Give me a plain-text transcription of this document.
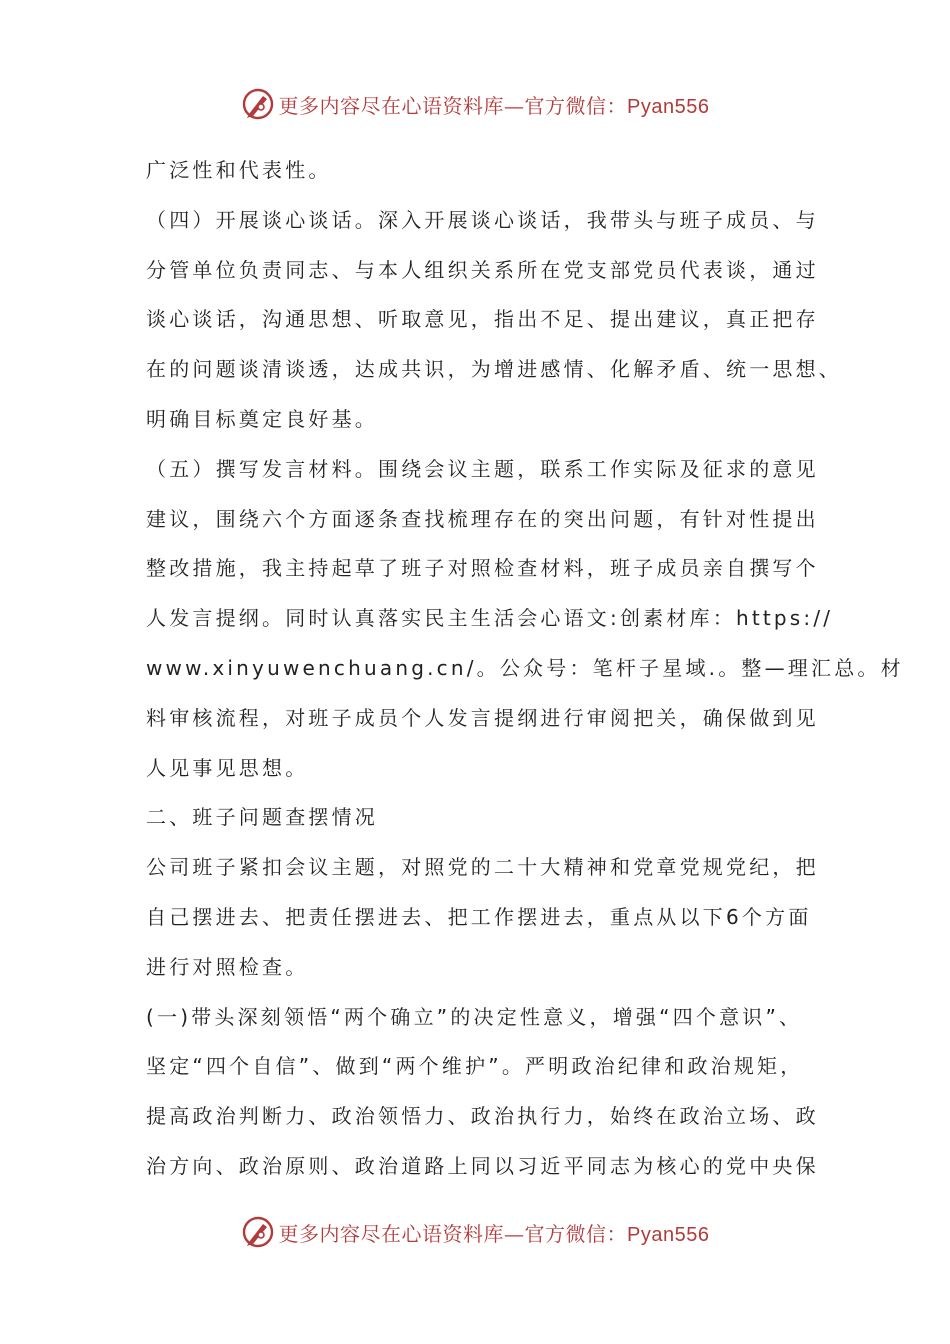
更多内容尽在心语资料库—官方微信：Pyan556
广泛性和代表性。
（四）开展谈心谈话。深入开展谈心谈话，我带头与班子成员、与
分管单位负责同志、与本人组织关系所在党支部党员代表谈，通过
谈心谈话，沟通思想、听取意见，指出不足、提出建议，真正把存
在的问题谈清谈透，达成共识，为增进感情、化解矛盾、统一思想、
明确目标奠定良好基。
（五）撰写发言材料。围绕会议主题，联系工作实际及征求的意见
建议，围绕六个方面逐条查找梳理存在的突出问题，有针对性提出
整改措施，我主持起草了班子对照检查材料，班子成员亲自撰写个
人发言提纲。同时认真落实民主生活会心语文:创素材库：https://
www.xinyuwenchuang.cn/。公众号：笔杆子星域.。整—理汇总。材
料审核流程，对班子成员个人发言提纲进行审阅把关，确保做到见
人见事见思想。
二、班子问题查摆情况
公司班子紧扣会议主题，对照党的二十大精神和党章党规党纪，把
自己摆进去、把责任摆进去、把工作摆进去，重点从以下6个方面
进行对照检查。
(一)带头深刻领悟“两个确立”的决定性意义，增强“四个意识”、
坚定“四个自信”、做到“两个维护”。严明政治纪律和政治规矩，
提高政治判断力、政治领悟力、政治执行力，始终在政治立场、政
治方向、政治原则、政治道路上同以习近平同志为核心的党中央保
更多内容尽在心语资料库—官方微信：Pyan556
